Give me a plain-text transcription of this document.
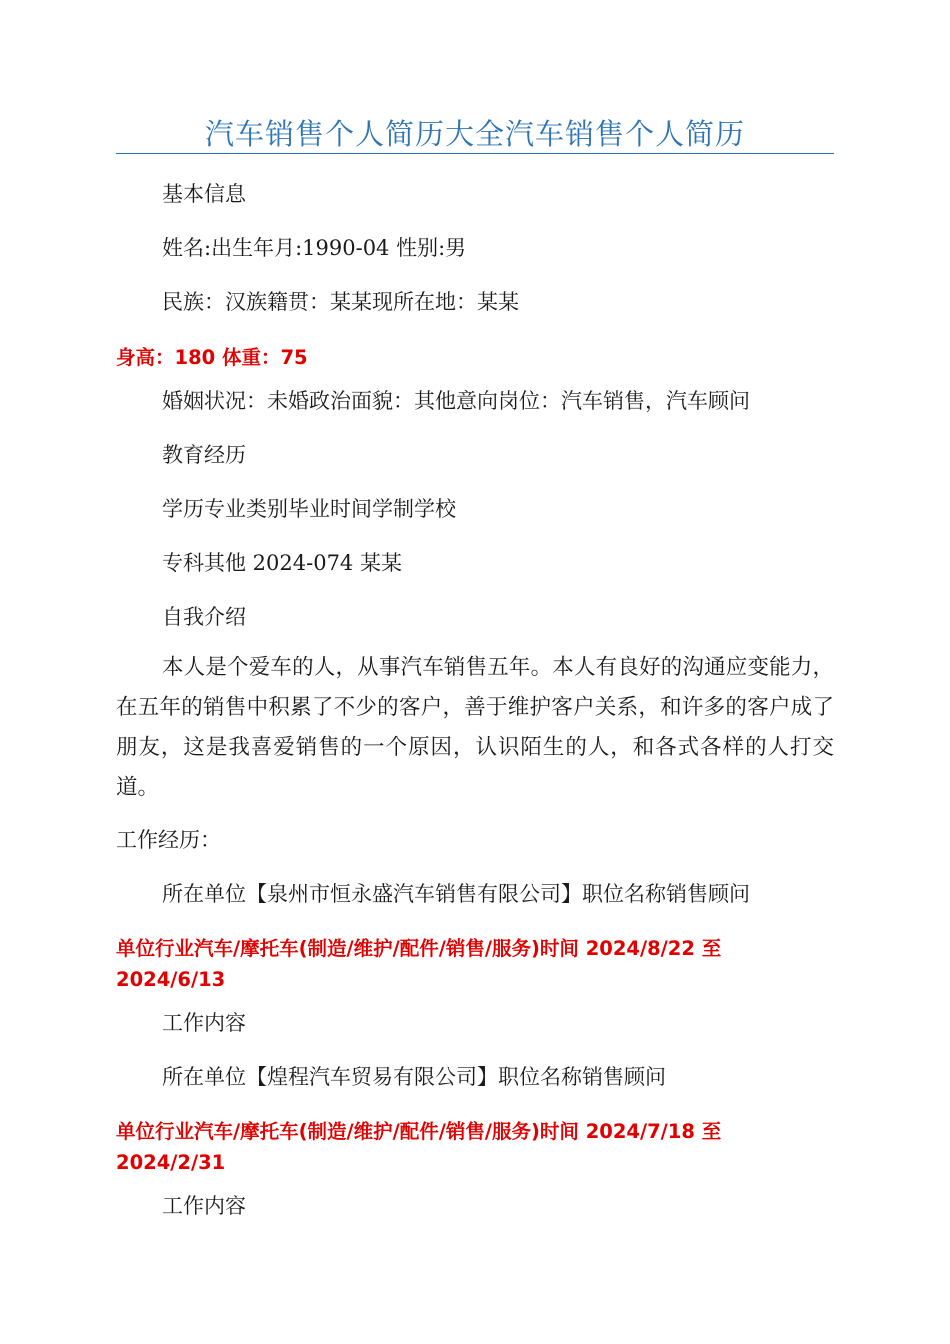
汽车销售个人简历大全汽车销售个人简历
基本信息
姓名:出生年月:1990-04 性别:男
民族：汉族籍贯：某某现所在地：某某
身高：180 体重：75
婚姻状况：未婚政治面貌：其他意向岗位：汽车销售，汽车顾问
教育经历
学历专业类别毕业时间学制学校
专科其他 2024-074 某某
自我介绍
本人是个爱车的人，从事汽车销售五年。本人有良好的沟通应变能力，在五年的销售中积累了不少的客户，善于维护客户关系，和许多的客户成了朋友，这是我喜爱销售的一个原因，认识陌生的人，和各式各样的人打交道。
工作经历：
所在单位【泉州市恒永盛汽车销售有限公司】职位名称销售顾问
单位行业汽车/摩托车(制造/维护/配件/销售/服务)时间 2024/8/22 至 2024/6/13
工作内容
所在单位【煌程汽车贸易有限公司】职位名称销售顾问
单位行业汽车/摩托车(制造/维护/配件/销售/服务)时间 2024/7/18 至 2024/2/31
工作内容
